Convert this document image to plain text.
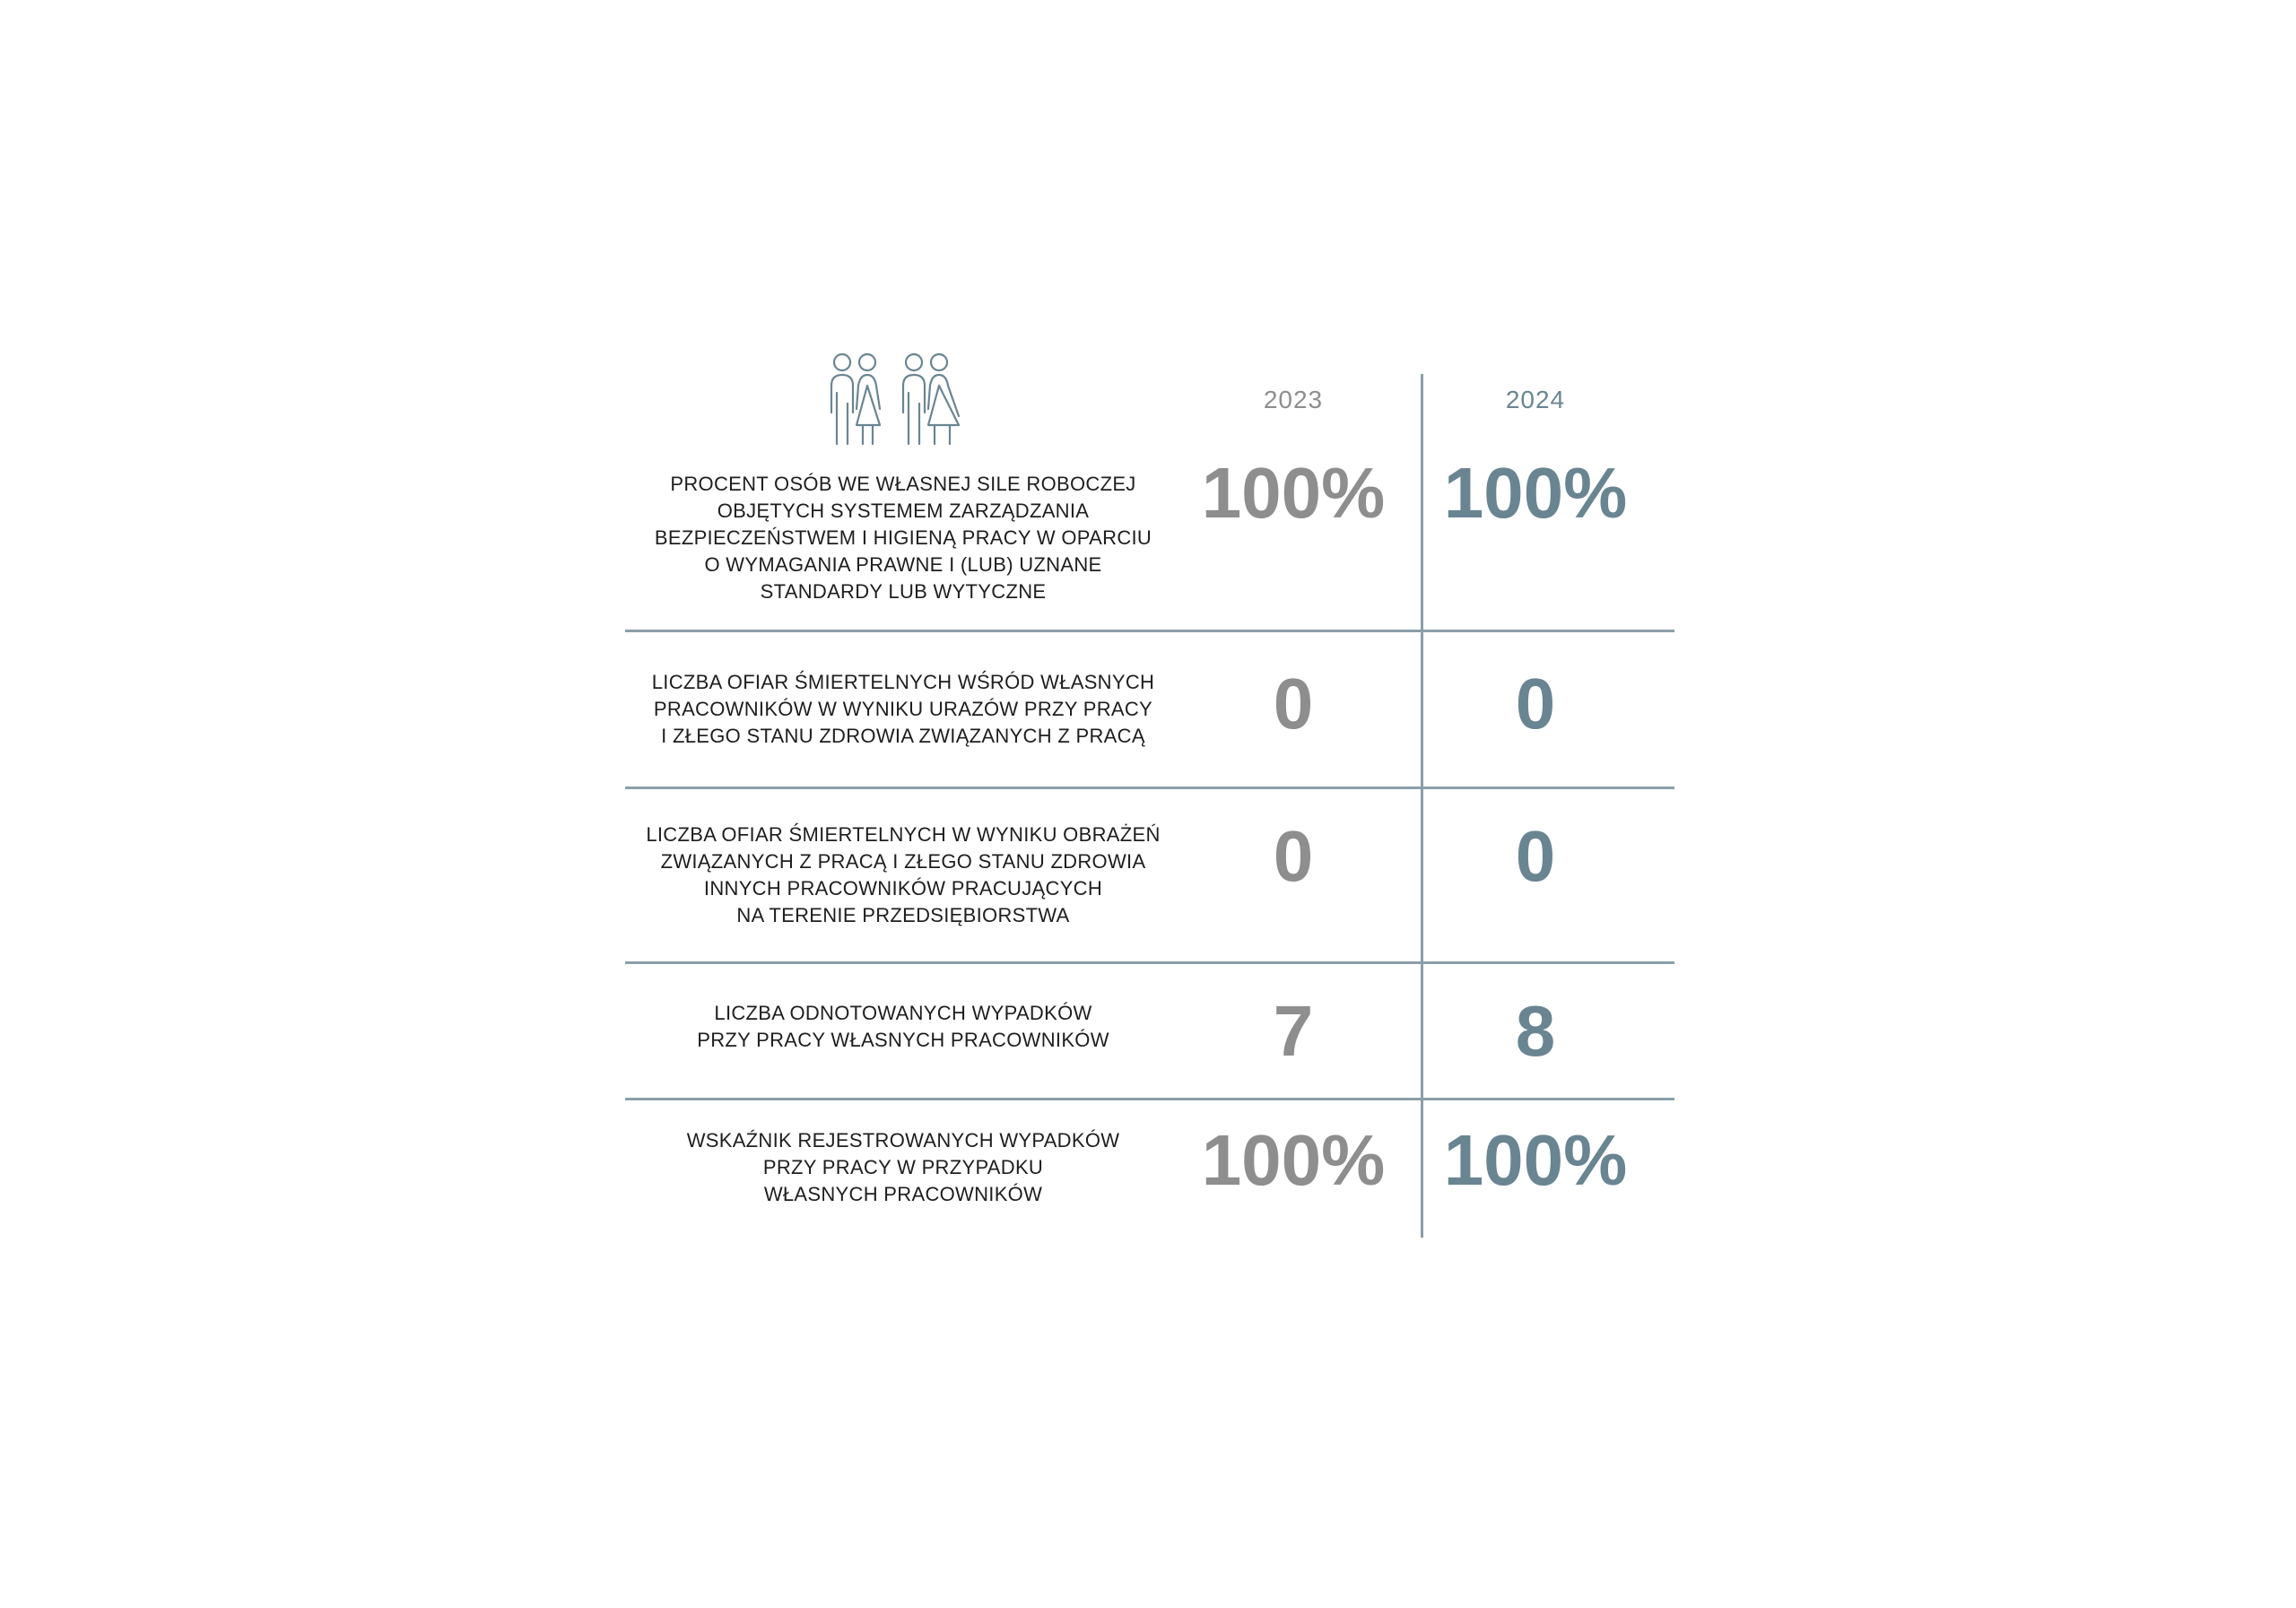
2023	2024
PROCENT OSÓB WE WŁASNEJ SILE ROBOCZEJ
OBJĘTYCH SYSTEMEM ZARZĄDZANIA
BEZPIECZEŃSTWEM I HIGIENĄ PRACY W OPARCIU
O WYMAGANIA PRAWNE I (LUB) UZNANE
STANDARDY LUB WYTYCZNE
100% 100%
LICZBA OFIAR ŚMIERTELNYCH WŚRÓD WŁASNYCH
PRACOWNIKÓW W WYNIKU URAZÓW PRZY PRACY
I ZŁEGO STANU ZDROWIA ZWIĄZANYCH Z PRACĄ	0	0
LICZBA OFIAR ŚMIERTELNYCH W WYNIKU OBRAŻEŃ
ZWIĄZANYCH Z PRACĄ I ZŁEGO STANU ZDROWIA
INNYCH PRACOWNIKÓW PRACUJĄCYCH
NA TERENIE PRZEDSIĘBIORSTWA
0	0
LICZBA ODNOTOWANYCH WYPADKÓW
PRZY PRACY WŁASNYCH PRACOWNIKÓW	7	8
WSKAŹNIK REJESTROWANYCH WYPADKÓW
PRZY PRACY W PRZYPADKU
WŁASNYCH PRACOWNIKÓW	100% 100%
